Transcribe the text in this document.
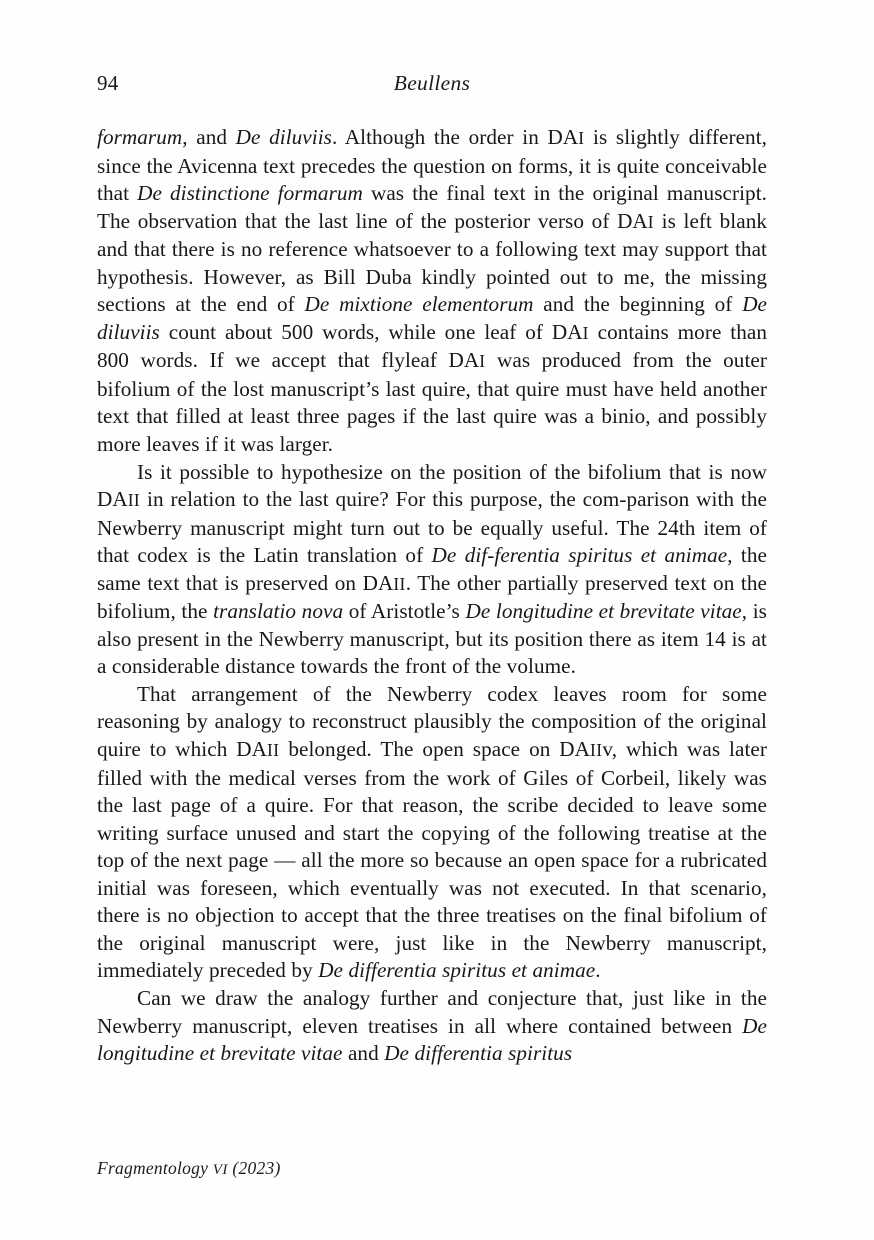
94	Beullens

formarum, and De diluviis. Although the order in DAI is slightly different, since the Avicenna text precedes the question on forms, it is quite conceivable that De distinctione formarum was the final text in the original manuscript. The observation that the last line of the posterior verso of DAI is left blank and that there is no reference whatsoever to a following text may support that hypothesis. However, as Bill Duba kindly pointed out to me, the missing sections at the end of De mixtione elementorum and the beginning of De diluviis count about 500 words, while one leaf of DAI contains more than 800 words. If we accept that flyleaf DAI was produced from the outer bifolium of the lost manuscript’s last quire, that quire must have held another text that filled at least three pages if the last quire was a binio, and possibly more leaves if it was larger.

Is it possible to hypothesize on the position of the bifolium that is now DAII in relation to the last quire? For this purpose, the com‑parison with the Newberry manuscript might turn out to be equally useful. The 24th item of that codex is the Latin translation of De dif‑ferentia spiritus et animae, the same text that is preserved on DAII. The other partially preserved text on the bifolium, the translatio nova of Aristotle’s De longitudine et brevitate vitae, is also present in the Newberry manuscript, but its position there as item 14 is at a considerable distance towards the front of the volume.

That arrangement of the Newberry codex leaves room for some reasoning by analogy to reconstruct plausibly the composition of the original quire to which DAII belonged. The open space on DAIIv, which was later filled with the medical verses from the work of Giles of Corbeil, likely was the last page of a quire. For that reason, the scribe decided to leave some writing surface unused and start the copying of the following treatise at the top of the next page — all the more so because an open space for a rubricated initial was foreseen, which eventually was not executed. In that scenario, there is no objection to accept that the three treatises on the final bifolium of the original manuscript were, just like in the Newberry manuscript, immediately preceded by De differentia spiritus et animae.

Can we draw the analogy further and conjecture that, just like in the Newberry manuscript, eleven treatises in all where contained between De longitudine et brevitate vitae and De differentia spiritus

Fragmentology VI (2023)
